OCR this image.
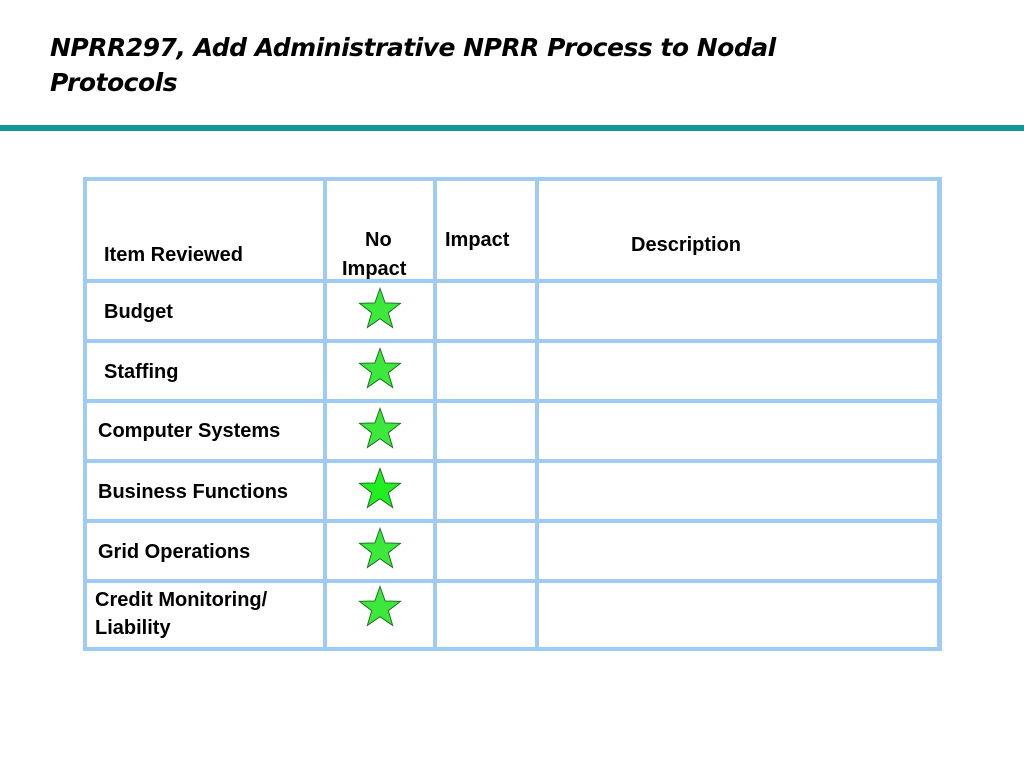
NPRR297, Add Administrative NPRR Process to Nodal
Protocols
Item Reviewed
No
Impact
Impact	Description
Budget
Staffing
Computer Systems
Business Functions
Grid Operations
Credit Monitoring/
Liability
